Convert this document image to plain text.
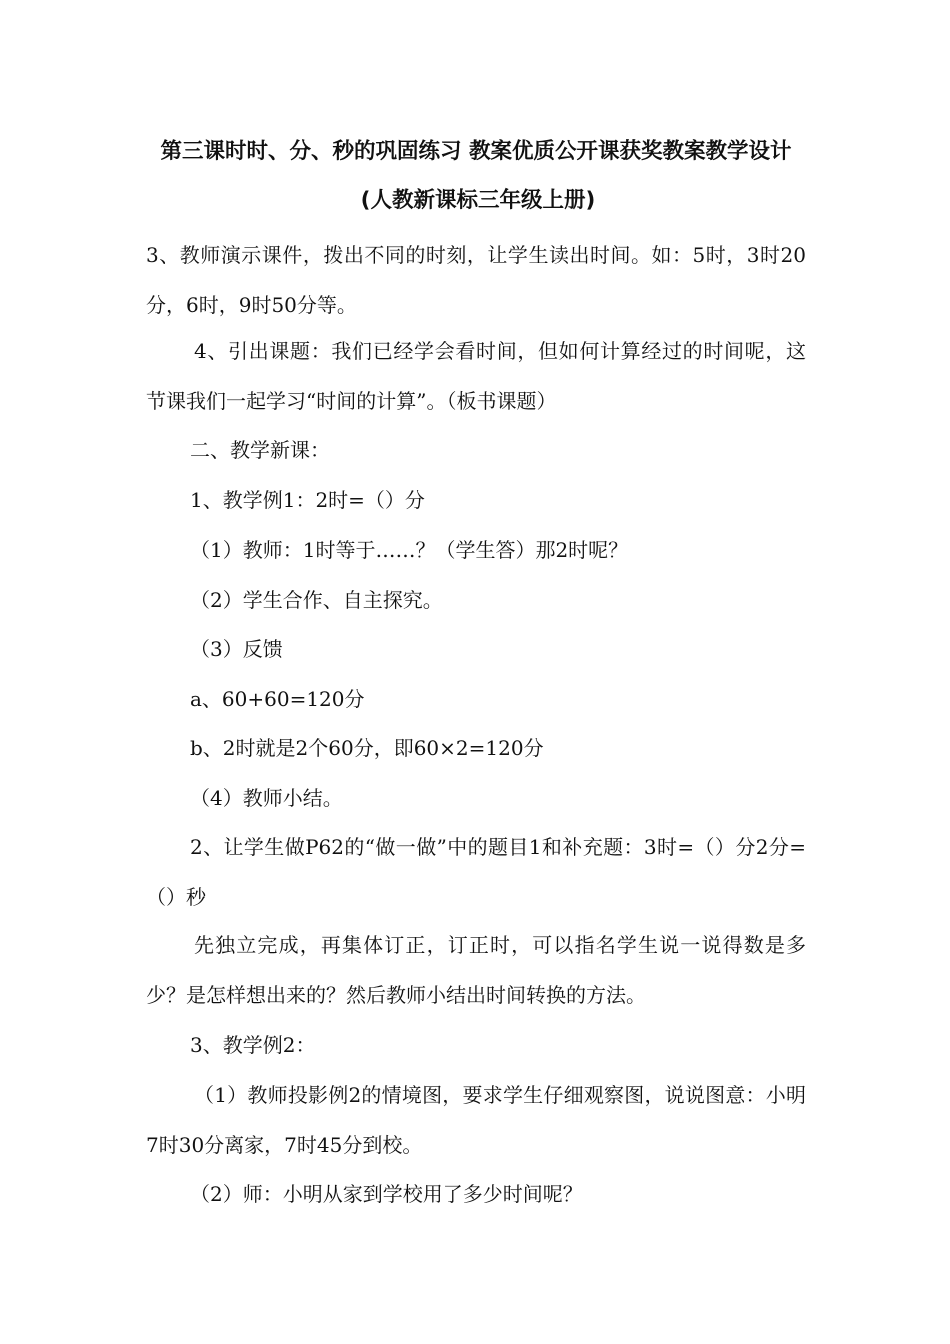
第三课时时、分、秒的巩固练习 教案优质公开课获奖教案教学设计
(人教新课标三年级上册)
3、教师演示课件，拨出不同的时刻，让学生读出时间。如：5时，3时20分，6时，9时50分等。
4、引出课题：我们已经学会看时间，但如何计算经过的时间呢，这节课我们一起学习“时间的计算”。（板书课题）
二、教学新课：
1、教学例1：2时=（）分
（1）教师：1时等于……？（学生答）那2时呢？
（2）学生合作、自主探究。
（3）反馈
a、60+60=120分
b、2时就是2个60分，即60×2=120分
（4）教师小结。
2、让学生做P62的“做一做”中的题目1和补充题：3时=（）分2分=（）秒
先独立完成，再集体订正，订正时，可以指名学生说一说得数是多少？是怎样想出来的？然后教师小结出时间转换的方法。
3、教学例2：
（1）教师投影例2的情境图，要求学生仔细观察图，说说图意：小明7时30分离家，7时45分到校。
（2）师：小明从家到学校用了多少时间呢？
